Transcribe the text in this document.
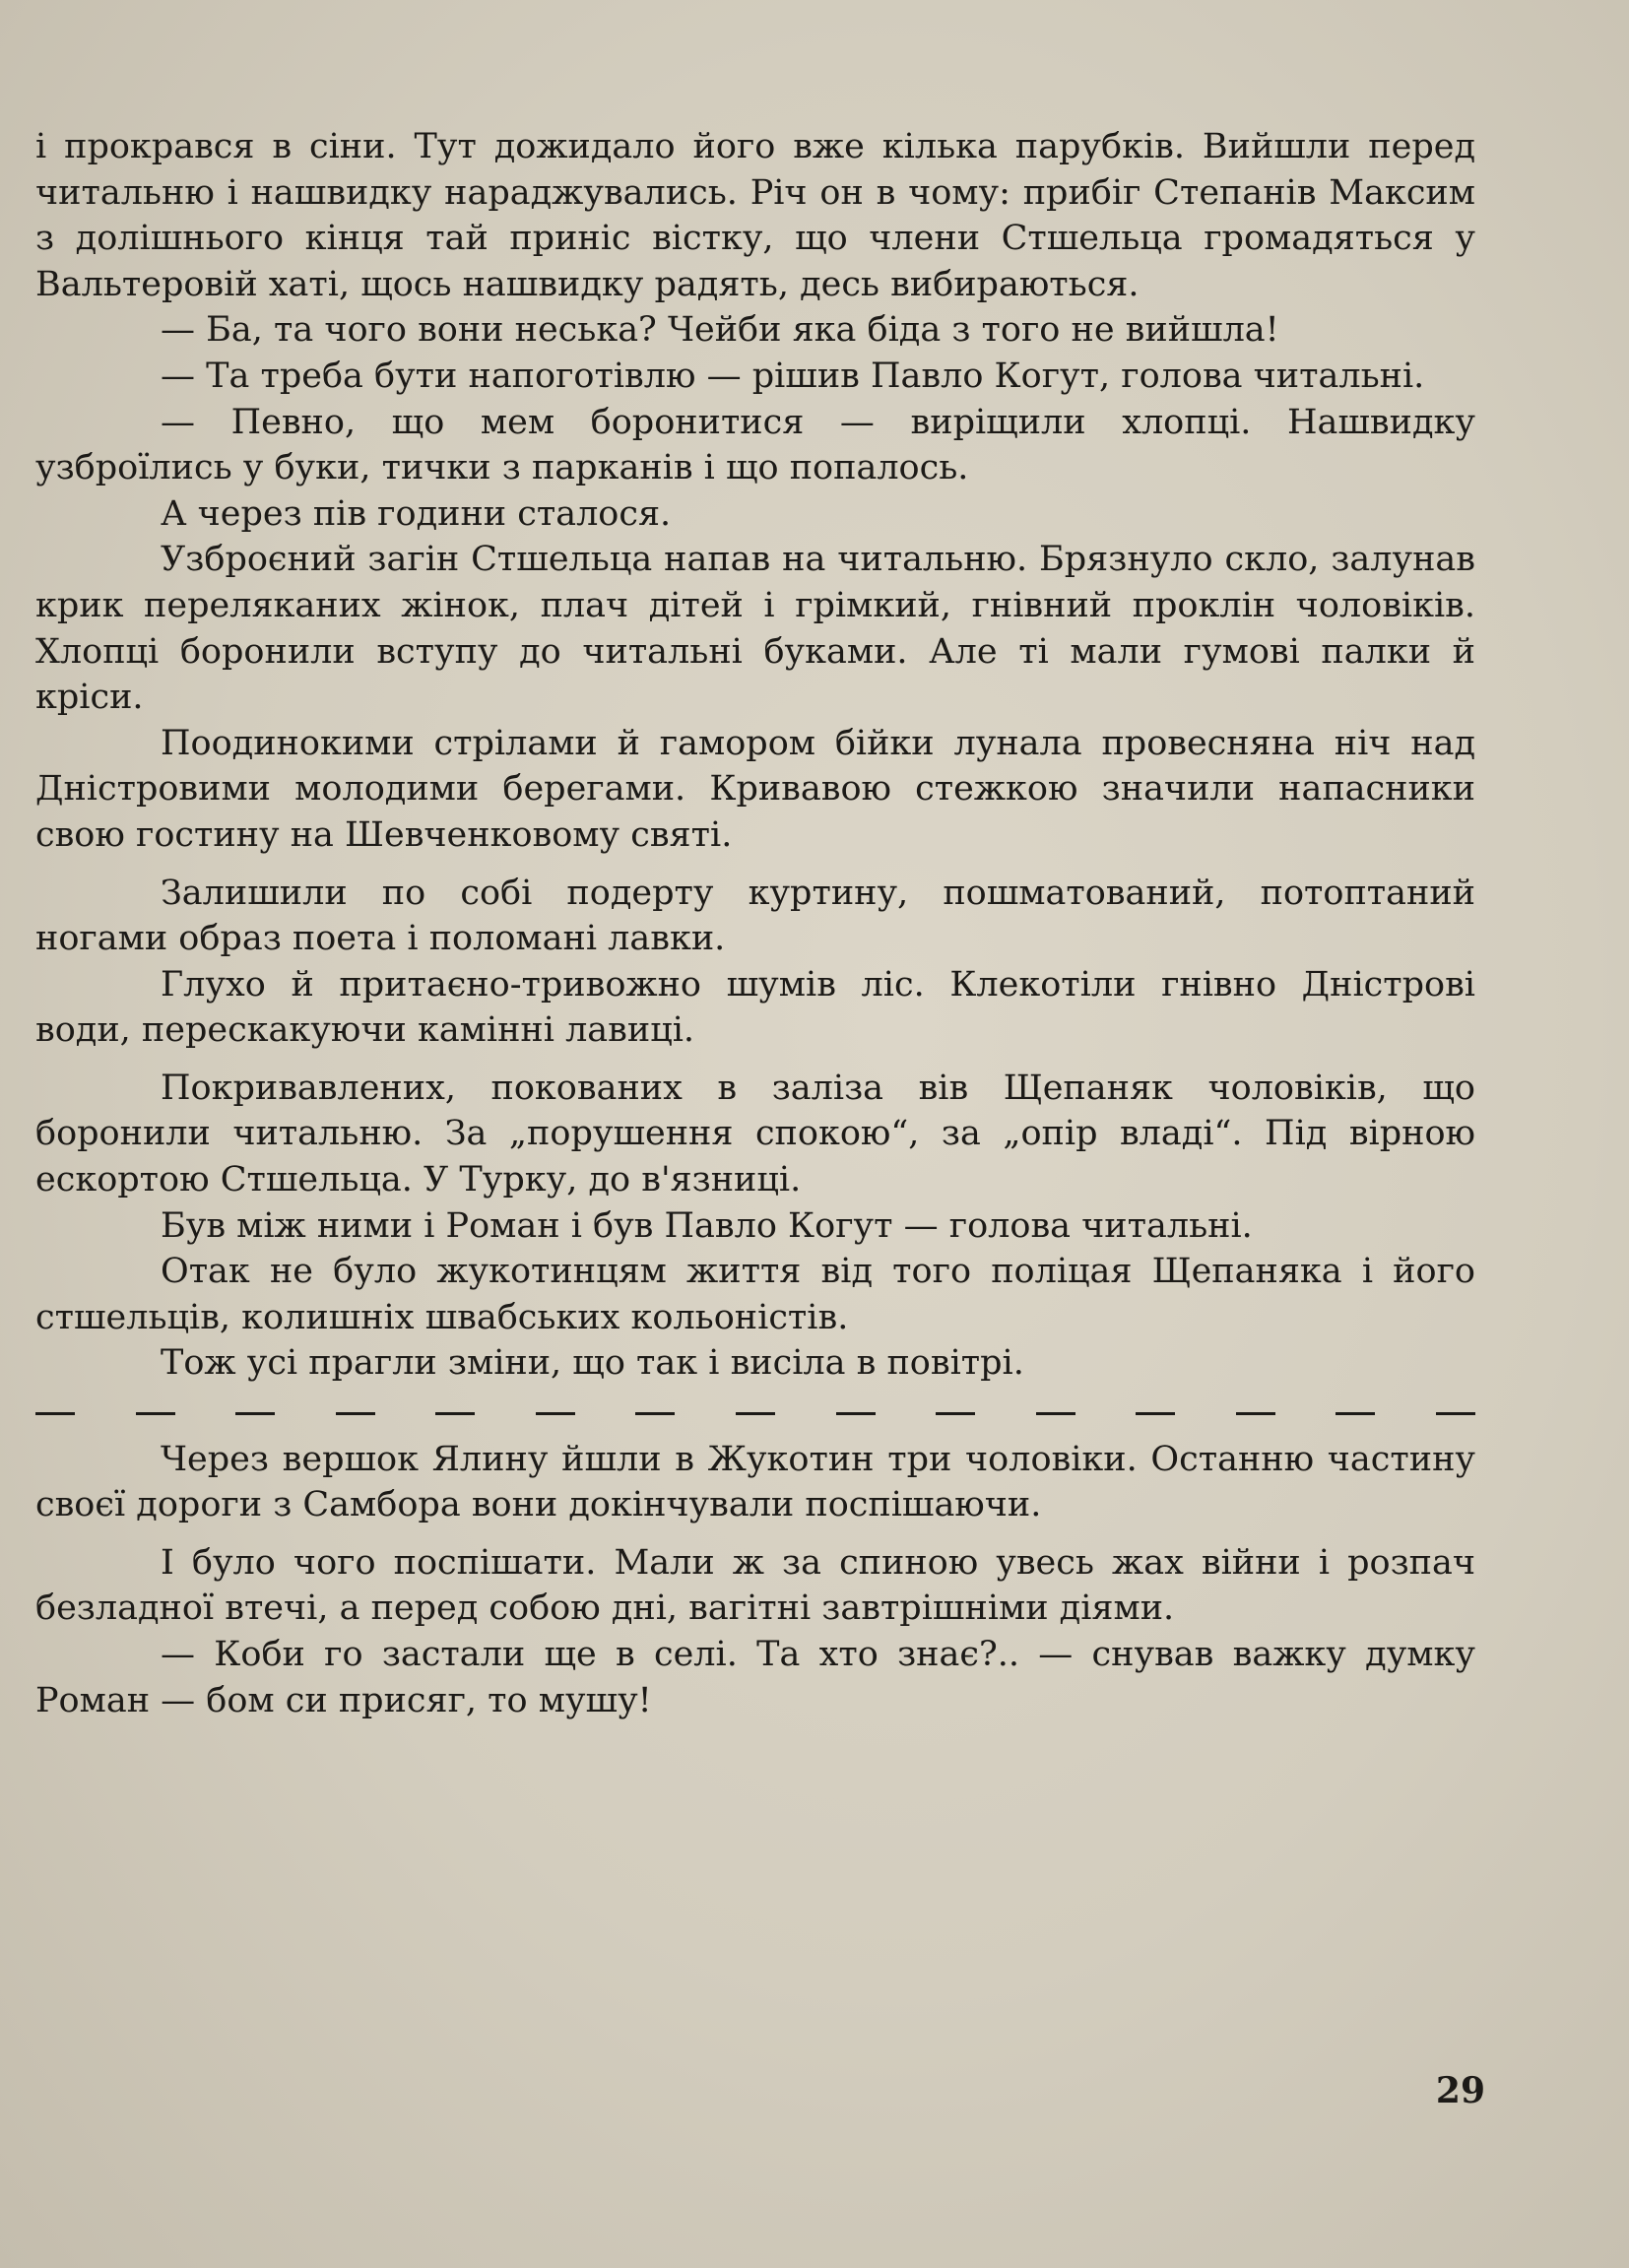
і прокрався в сіни. Тут дожидало його вже кілька парубків. Вийшли перед читальню і нашвидку нараджувались. Річ он в чому: прибіг Степанів Максим з долішнього кінця тай приніс вістку, що члени Стшельца громадяться у Вальтеровій хаті, щось нашвидку радять, десь вибираються.

— Ба, та чого вони неська? Чейби яка біда з того не вийшла!

— Та треба бути напоготівлю — рішив Павло Когут, голова читальні.

— Певно, що мем боронитися — виріщили хлопці. Нашвидку узброїлись у буки, тички з парканів і що попалось.

А через пів години сталося.

Узброєний загін Стшельца напав на читальню. Брязнуло скло, залунав крик переляканих жінок, плач дітей і грімкий, гнівний проклін чоловіків. Хлопці боронили вступу до читальні буками. Але ті мали гумові палки й кріси.

Поодинокими стрілами й гамором бійки лунала провесняна ніч над Дністровими молодими берегами. Кривавою стежкою значили напасники свою гостину на Шевченковому святі.

Залишили по собі подерту куртину, пошматований, потоптаний ногами образ поета і поломані лавки.

Глухо й притаєно-тривожно шумів ліс. Клекотіли гнівно Дністрові води, перескакуючи камінні лавиці.

Покривавлених, покованих в заліза вів Щепаняк чоловіків, що боронили читальню. За „порушення спокою“, за „опір владі“. Під вірною ескортою Стшельца. У Турку, до в'язниці.

Був між ними і Роман і був Павло Когут — голова читальні.

Отак не було жукотинцям життя від того поліцая Щепаняка і його стшельців, колишніх швабських кольоністів.

Тож усі прагли зміни, що так і висіла в повітрі.

Через вершок Ялину йшли в Жукотин три чоловіки. Останню частину своєї дороги з Самбора вони докінчували поспішаючи.

І було чого поспішати. Мали ж за спиною увесь жах війни і розпач безладної втечі, а перед собою дні, вагітні завтрішніми діями.

— Коби го застали ще в селі. Та хто знає?.. — снував важку думку Роман — бом си присяг, то мушу!

29
